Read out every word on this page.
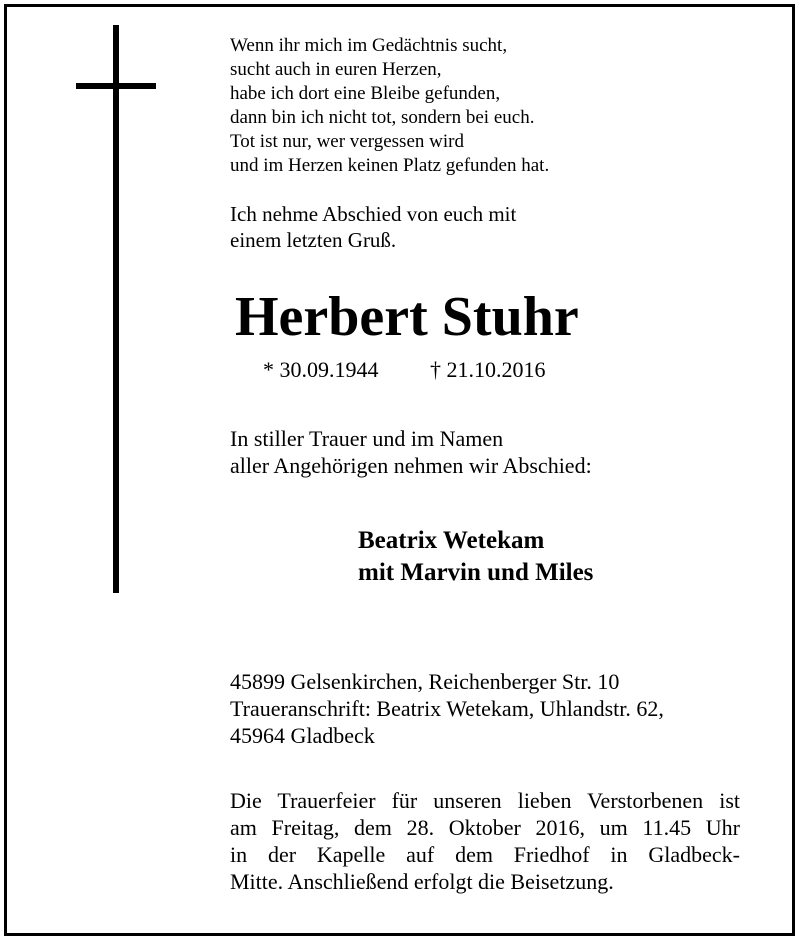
Wenn ihr mich im Gedächtnis sucht,
sucht auch in euren Herzen,
habe ich dort eine Bleibe gefunden,
dann bin ich nicht tot, sondern bei euch.
Tot ist nur, wer vergessen wird
und im Herzen keinen Platz gefunden hat.
Ich nehme Abschied von euch mit
einem letzten Gruß.
Herbert Stuhr
* 30.09.1944 † 21.10.2016
In stiller Trauer und im Namen
aller Angehörigen nehmen wir Abschied:
Beatrix Wetekam
mit Marvin und Miles
45899 Gelsenkirchen, Reichenberger Str. 10
Traueranschrift: Beatrix Wetekam, Uhlandstr. 62,
45964 Gladbeck
Die Trauerfeier für unseren lieben Verstorbenen ist
am Freitag, dem 28. Oktober 2016, um 11.45 Uhr
in der Kapelle auf dem Friedhof in Gladbeck-
Mitte. Anschließend erfolgt die Beisetzung.
